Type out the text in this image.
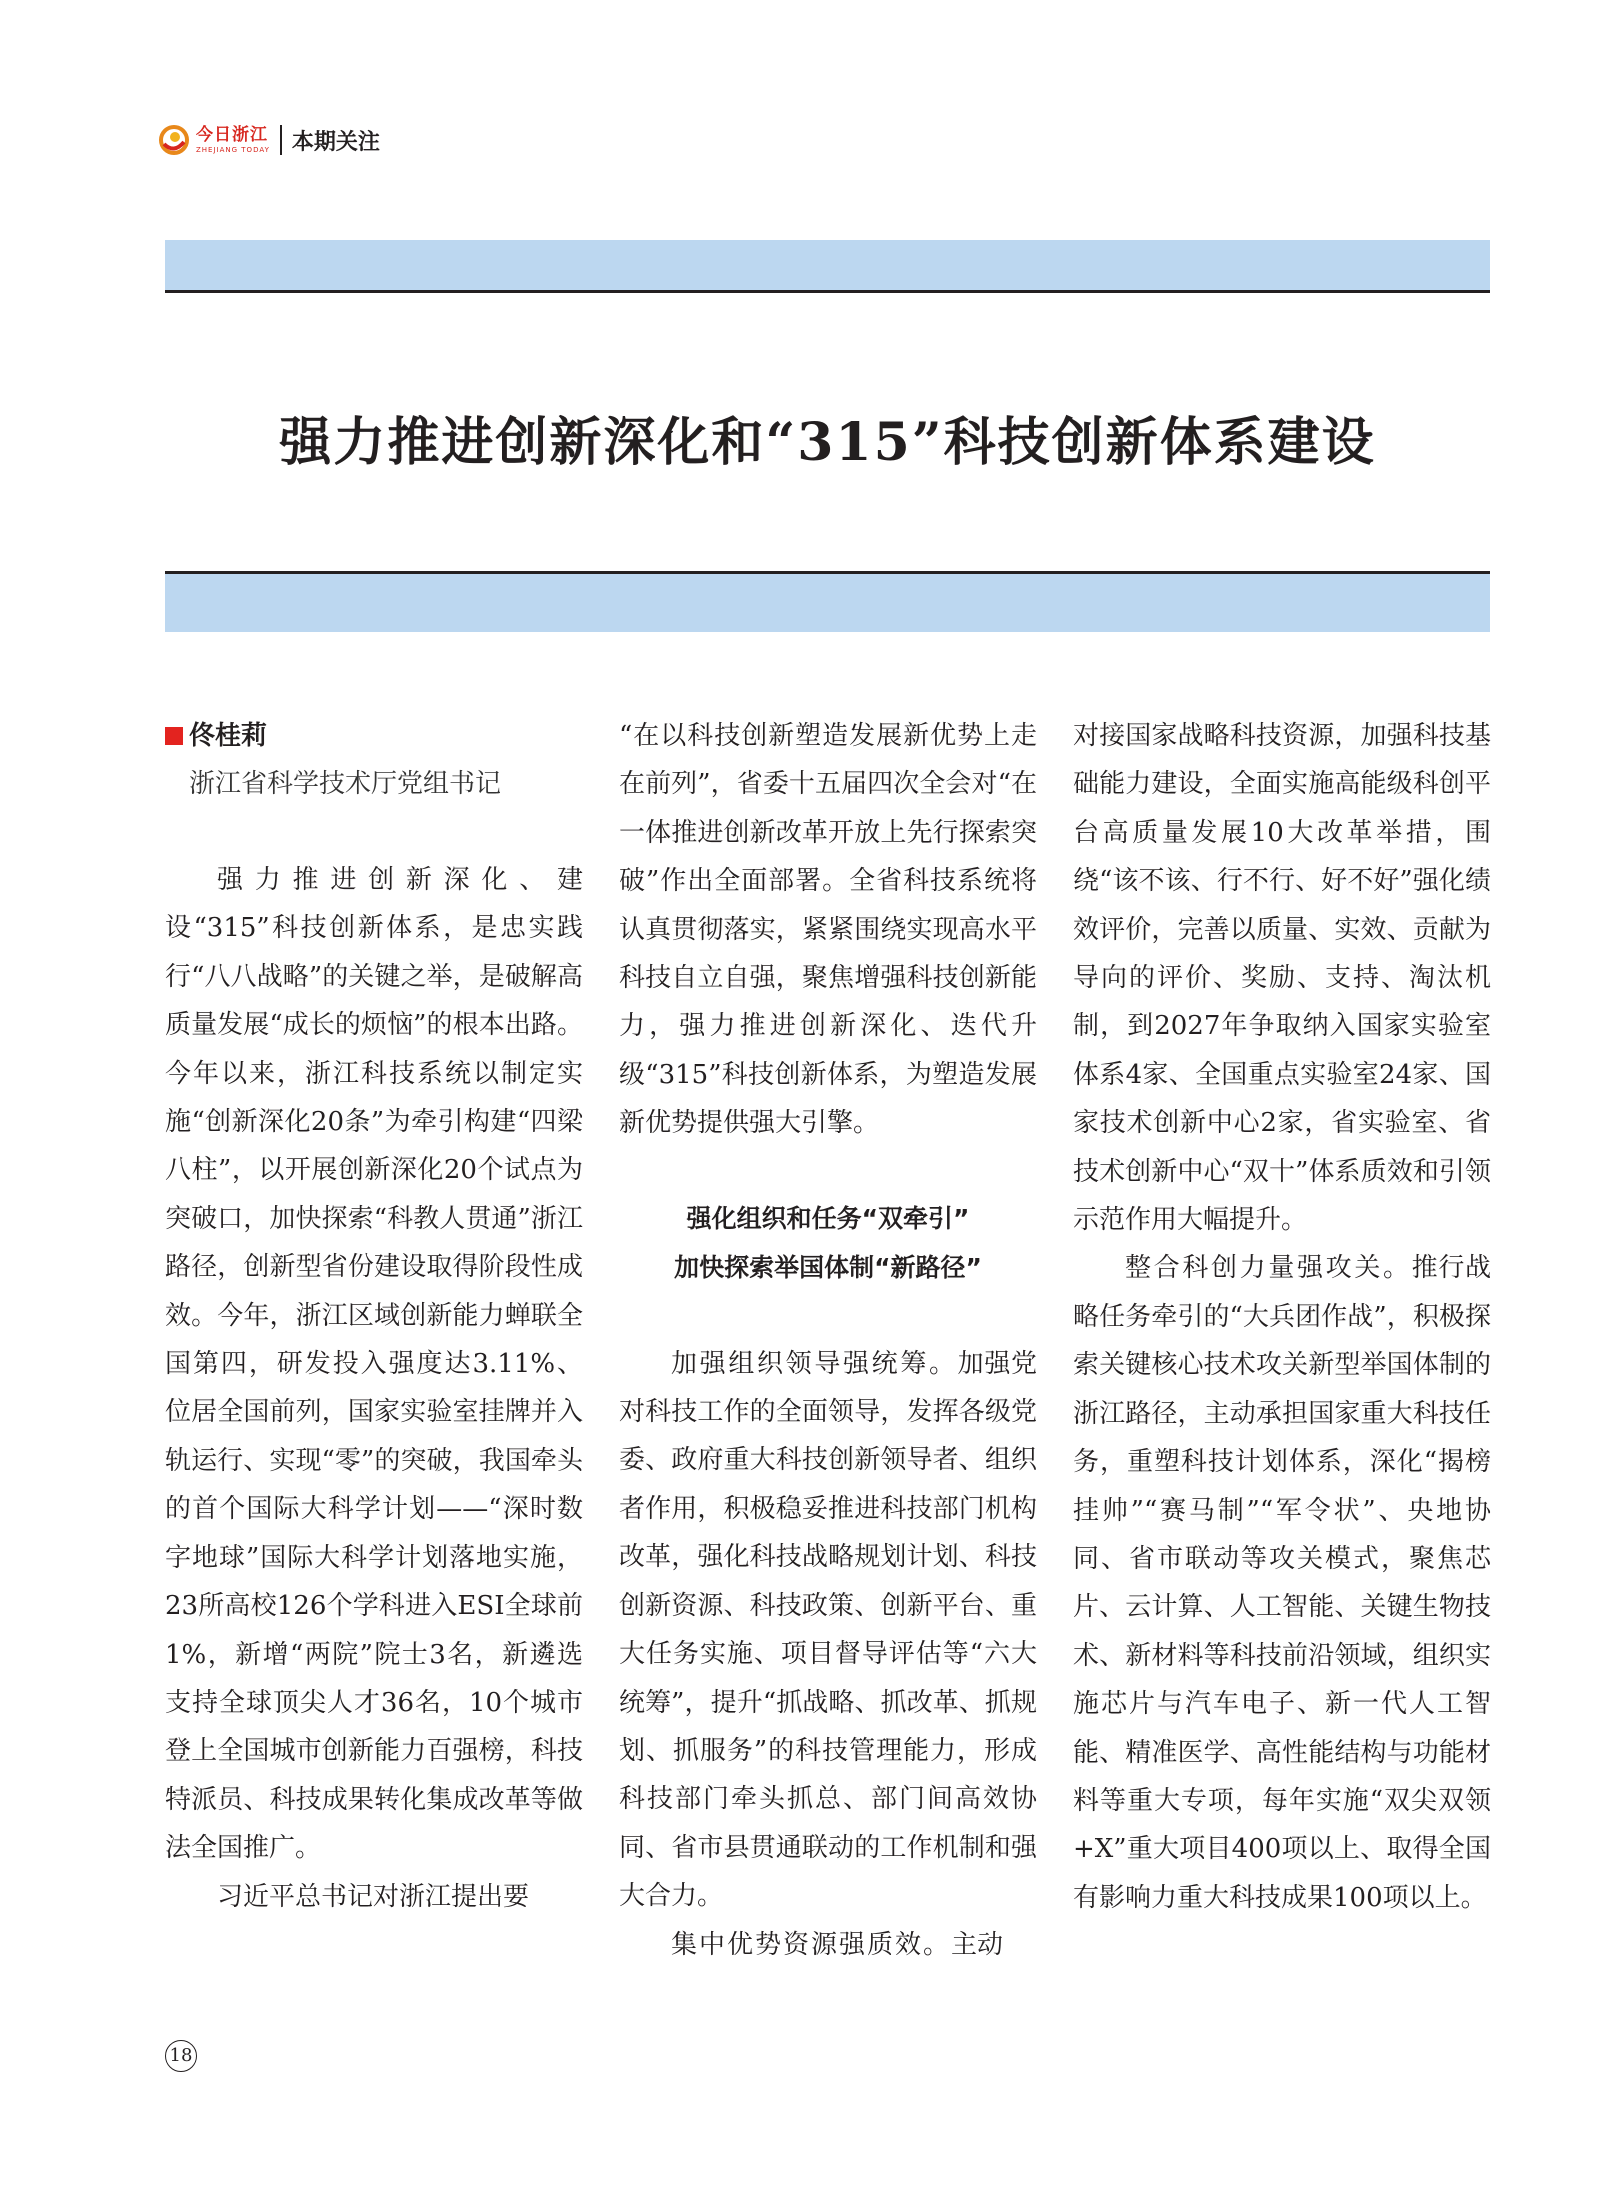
今日浙江
ZHEJIANG TODAY 本期关注
强力推进创新深化和“315”科技创新体系建设
佟桂莉
浙江省科学技术厅党组书记

强力推进创新深化、建设“315”科技创新体系，是忠实践行“八八战略”的关键之举，是破解高质量发展“成长的烦恼”的根本出路。今年以来，浙江科技系统以制定实施“创新深化20条”为牵引构建“四梁八柱”，以开展创新深化20个试点为突破口，加快探索“科教人贯通”浙江路径，创新型省份建设取得阶段性成效。今年，浙江区域创新能力蝉联全国第四，研发投入强度达3.11%、位居全国前列，国家实验室挂牌并入轨运行、实现“零”的突破，我国牵头的首个国际大科学计划——“深时数字地球”国际大科学计划落地实施，23所高校126个学科进入ESI全球前1%，新增“两院”院士3名，新遴选支持全球顶尖人才36名，10个城市登上全国城市创新能力百强榜，科技特派员、科技成果转化集成改革等做法全国推广。

习近平总书记对浙江提出要

“在以科技创新塑造发展新优势上走在前列”，省委十五届四次全会对“在一体推进创新改革开放上先行探索突破”作出全面部署。全省科技系统将认真贯彻落实，紧紧围绕实现高水平科技自立自强，聚焦增强科技创新能力，强力推进创新深化、迭代升级“315”科技创新体系，为塑造发展新优势提供强大引擎。

强化组织和任务“双牵引”
加快探索举国体制“新路径”

加强组织领导强统筹。加强党对科技工作的全面领导，发挥各级党委、政府重大科技创新领导者、组织者作用，积极稳妥推进科技部门机构改革，强化科技战略规划计划、科技创新资源、科技政策、创新平台、重大任务实施、项目督导评估等“六大统筹”，提升“抓战略、抓改革、抓规划、抓服务”的科技管理能力，形成科技部门牵头抓总、部门间高效协同、省市县贯通联动的工作机制和强大合力。

集中优势资源强质效。主动

对接国家战略科技资源，加强科技基础能力建设，全面实施高能级科创平台高质量发展10大改革举措，围绕“该不该、行不行、好不好”强化绩效评价，完善以质量、实效、贡献为导向的评价、奖励、支持、淘汰机制，到2027年争取纳入国家实验室体系4家、全国重点实验室24家、国家技术创新中心2家，省实验室、省技术创新中心“双十”体系质效和引领示范作用大幅提升。

整合科创力量强攻关。推行战略任务牵引的“大兵团作战”，积极探索关键核心技术攻关新型举国体制的浙江路径，主动承担国家重大科技任务，重塑科技计划体系，深化“揭榜挂帅”“赛马制”“军令状”、央地协同、省市联动等攻关模式，聚焦芯片、云计算、人工智能、关键生物技术、新材料等科技前沿领域，组织实施芯片与汽车电子、新一代人工智能、精准医学、高性能结构与功能材料等重大专项，每年实施“双尖双领+X”重大项目400项以上、取得全国有影响力重大科技成果100项以上。

18
